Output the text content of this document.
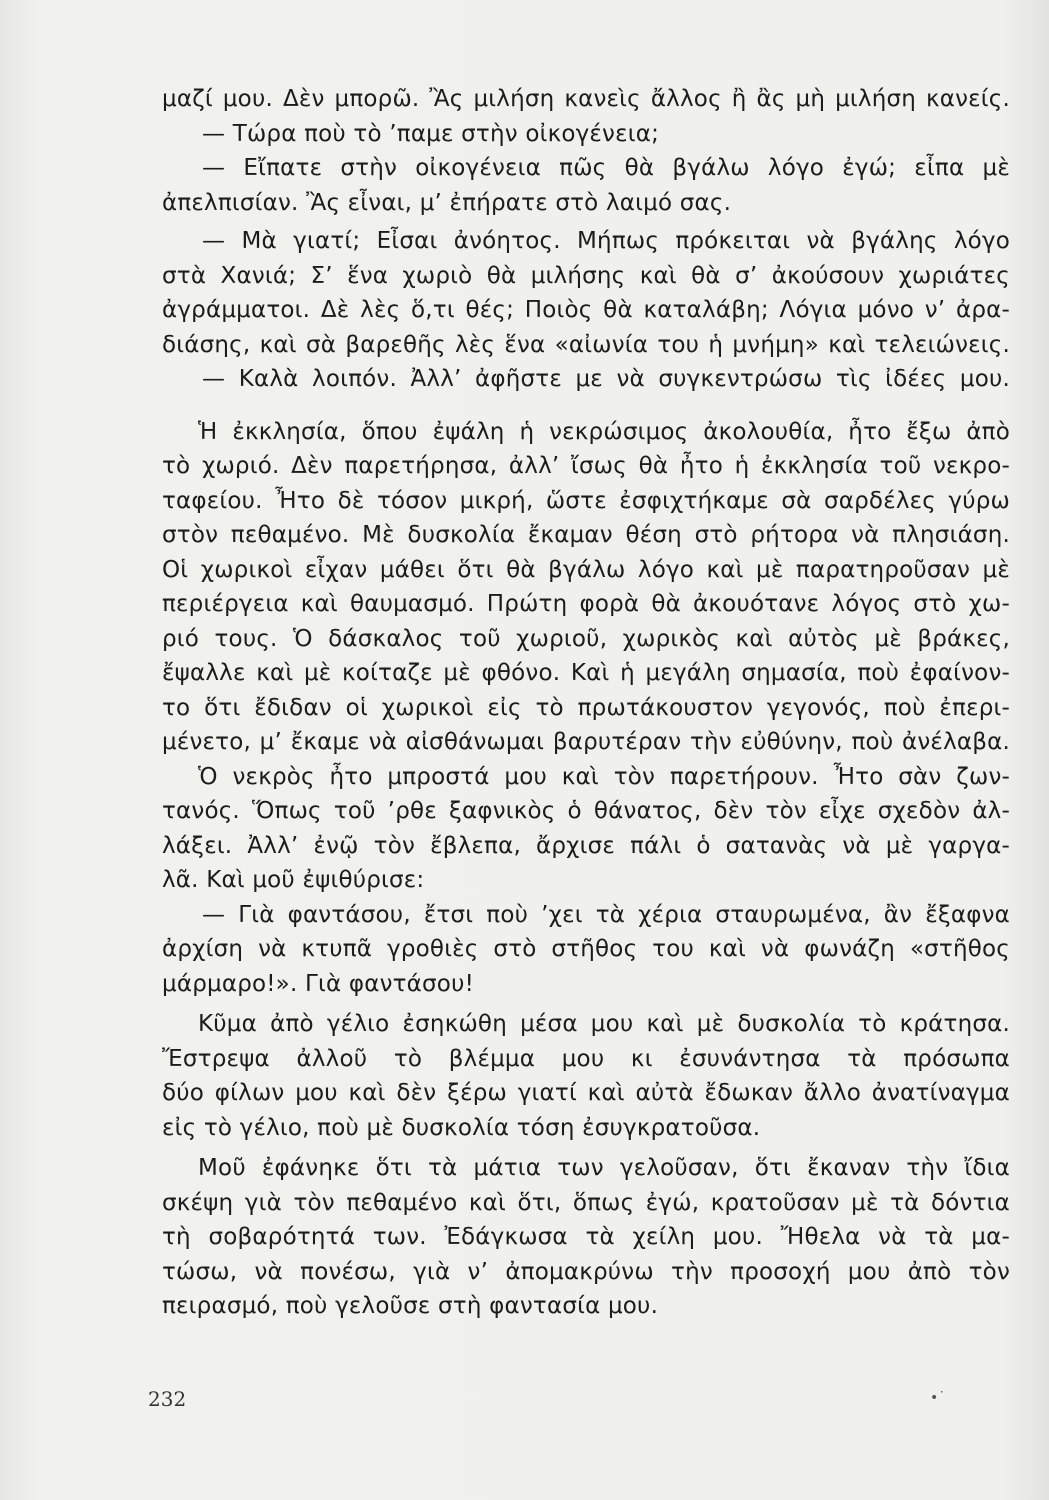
μαζί μου. Δὲν μπορῶ. Ἂς μιλήση κανεὶς ἄλλος ἢ ἂς μὴ μιλήση κανείς.
— Τώρα ποὺ τὸ ’παμε στὴν οἰκογένεια;
— Εἴπατε στὴν οἰκογένεια πῶς θὰ βγάλω λόγο ἐγώ; εἶπα μὲ
ἀπελπισίαν. Ἂς εἶναι, μ’ ἐπήρατε στὸ λαιμό σας.
— Μὰ γιατί; Εἶσαι ἀνόητος. Μήπως πρόκειται νὰ βγάλης λόγο
στὰ Χανιά; Σ’ ἕνα χωριὸ θὰ μιλήσης καὶ θὰ σ’ ἀκούσουν χωριάτες
ἀγράμματοι. Δὲ λὲς ὅ,τι θές; Ποιὸς θὰ καταλάβη; Λόγια μόνο ν’ ἀρα-
διάσης, καὶ σὰ βαρεθῆς λὲς ἕνα «αἰωνία του ἡ μνήμη» καὶ τελειώνεις.
— Καλὰ λοιπόν. Ἀλλ’ ἀφῆστε με νὰ συγκεντρώσω τὶς ἰδέες μου.
Ἡ ἐκκλησία, ὅπου ἐψάλη ἡ νεκρώσιμος ἀκολουθία, ἦτο ἔξω ἀπὸ
τὸ χωριό. Δὲν παρετήρησα, ἀλλ’ ἴσως θὰ ἦτο ἡ ἐκκλησία τοῦ νεκρο-
ταφείου. Ἦτο δὲ τόσον μικρή, ὥστε ἐσφιχτήκαμε σὰ σαρδέλες γύρω
στὸν πεθαμένο. Μὲ δυσκολία ἔκαμαν θέση στὸ ρήτορα νὰ πλησιάση.
Οἱ χωρικοὶ εἶχαν μάθει ὅτι θὰ βγάλω λόγο καὶ μὲ παρατηροῦσαν μὲ
περιέργεια καὶ θαυμασμό. Πρώτη φορὰ θὰ ἀκουότανε λόγος στὸ χω-
ριό τους. Ὁ δάσκαλος τοῦ χωριοῦ, χωρικὸς καὶ αὐτὸς μὲ βράκες,
ἔψαλλε καὶ μὲ κοίταζε μὲ φθόνο. Καὶ ἡ μεγάλη σημασία, ποὺ ἐφαίνον-
το ὅτι ἔδιδαν οἱ χωρικοὶ εἰς τὸ πρωτάκουστον γεγονός, ποὺ ἐπερι-
μένετο, μ’ ἔκαμε νὰ αἰσθάνωμαι βαρυτέραν τὴν εὐθύνην, ποὺ ἀνέλαβα.
Ὁ νεκρὸς ἦτο μπροστά μου καὶ τὸν παρετήρουν. Ἦτο σὰν ζων-
τανός. Ὅπως τοῦ ’ρθε ξαφνικὸς ὁ θάνατος, δὲν τὸν εἶχε σχεδὸν ἀλ-
λάξει. Ἀλλ’ ἐνῷ τὸν ἔβλεπα, ἄρχισε πάλι ὁ σατανὰς νὰ μὲ γαργα-
λᾶ. Καὶ μοῦ ἐψιθύρισε:
— Γιὰ φαντάσου, ἔτσι ποὺ ’χει τὰ χέρια σταυρωμένα, ἂν ἔξαφνα
ἀρχίση νὰ κτυπᾶ γροθιὲς στὸ στῆθος του καὶ νὰ φωνάζη «στῆθος
μάρμαρο!». Γιὰ φαντάσου!
Κῦμα ἀπὸ γέλιο ἐσηκώθη μέσα μου καὶ μὲ δυσκολία τὸ κράτησα.
Ἔστρεψα ἀλλοῦ τὸ βλέμμα μου κι ἐσυνάντησα τὰ πρόσωπα
δύο φίλων μου καὶ δὲν ξέρω γιατί καὶ αὐτὰ ἔδωκαν ἄλλο ἀνατίναγμα
εἰς τὸ γέλιο, ποὺ μὲ δυσκολία τόση ἐσυγκρατοῦσα.
Μοῦ ἐφάνηκε ὅτι τὰ μάτια των γελοῦσαν, ὅτι ἔκαναν τὴν ἴδια
σκέψη γιὰ τὸν πεθαμένο καὶ ὅτι, ὅπως ἐγώ, κρατοῦσαν μὲ τὰ δόντια
τὴ σοβαρότητά των. Ἐδάγκωσα τὰ χείλη μου. Ἤθελα νὰ τὰ μα-
τώσω, νὰ πονέσω, γιὰ ν’ ἀπομακρύνω τὴν προσοχή μου ἀπὸ τὸν
πειρασμό, ποὺ γελοῦσε στὴ φαντασία μου.
232	•˙
